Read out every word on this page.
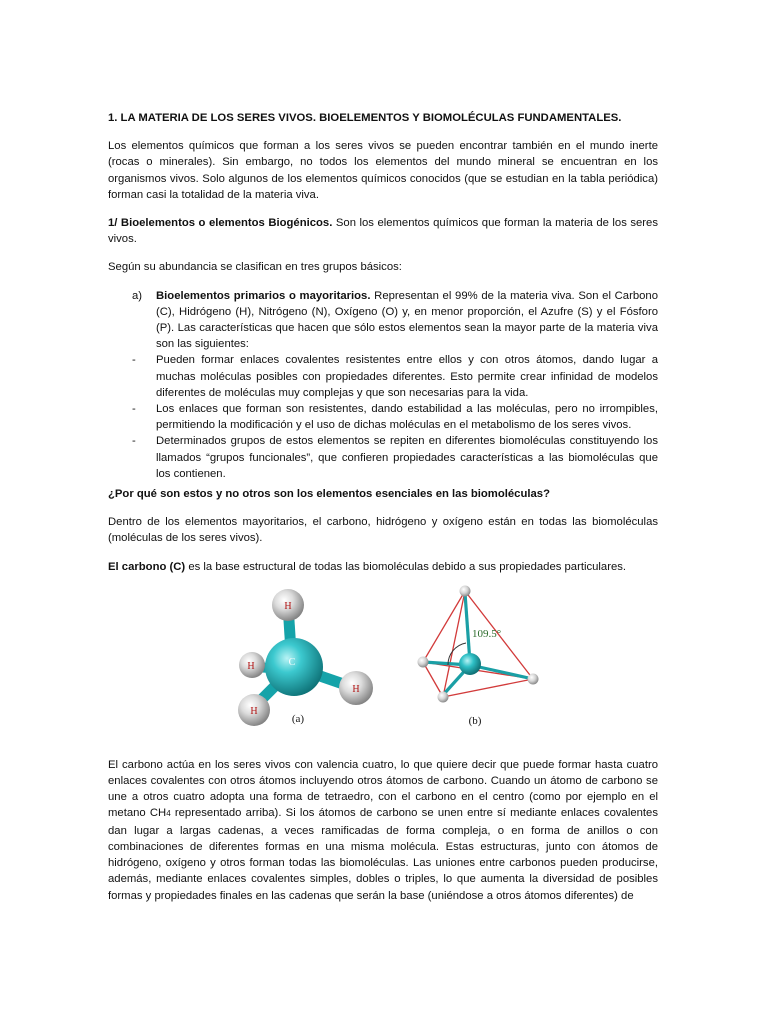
1. LA MATERIA DE LOS SERES VIVOS. BIOELEMENTOS Y BIOMOLÉCULAS FUNDAMENTALES.

Los elementos químicos que forman a los seres vivos se pueden encontrar también en el mundo inerte (rocas o minerales). Sin embargo, no todos los elementos del mundo mineral se encuentran en los organismos vivos. Solo algunos de los elementos químicos conocidos (que se estudian en la tabla periódica) forman casi la totalidad de la materia viva.

1/ Bioelementos o elementos Biogénicos. Son los elementos químicos que forman la materia de los seres vivos.

Según su abundancia se clasifican en tres grupos básicos:

a)	Bioelementos primarios o mayoritarios. Representan el 99% de la materia viva. Son el Carbono (C), Hidrógeno (H), Nitrógeno (N), Oxígeno (O) y, en menor proporción, el Azufre (S) y el Fósforo (P). Las características que hacen que sólo estos elementos sean la mayor parte de la materia viva son las siguientes:
-	Pueden formar enlaces covalentes resistentes entre ellos y con otros átomos, dando lugar a muchas moléculas posibles con propiedades diferentes. Esto permite crear infinidad de modelos diferentes de moléculas muy complejas y que son necesarias para la vida.
-	Los enlaces que forman son resistentes, dando estabilidad a las moléculas, pero no irrompibles, permitiendo la modificación y el uso de dichas moléculas en el metabolismo de los seres vivos.
-	Determinados grupos de estos elementos se repiten en diferentes biomoléculas constituyendo los llamados “grupos funcionales”, que confieren propiedades características a las biomoléculas que los contienen.

¿Por qué son estos y no otros son los elementos esenciales en las biomoléculas?

Dentro de los elementos mayoritarios, el carbono, hidrógeno y oxígeno están en todas las biomoléculas (moléculas de los seres vivos).

El carbono (C) es la base estructural de todas las biomoléculas debido a sus propiedades particulares.

H
H	C
H
H
(a)
109.5°
(b)

El carbono actúa en los seres vivos con valencia cuatro, lo que quiere decir que puede formar hasta cuatro enlaces covalentes con otros átomos incluyendo otros átomos de carbono. Cuando un átomo de carbono se une a otros cuatro adopta una forma de tetraedro, con el carbono en el centro (como por ejemplo en el metano CH4 representado arriba). Si los átomos de carbono se unen entre sí mediante enlaces covalentes dan lugar a largas cadenas, a veces ramificadas de forma compleja, o en forma de anillos o con combinaciones de diferentes formas en una misma molécula. Estas estructuras, junto con átomos de hidrógeno, oxígeno y otros forman todas las biomoléculas. Las uniones entre carbonos pueden producirse, además, mediante enlaces covalentes simples, dobles o triples, lo que aumenta la diversidad de posibles formas y propiedades finales en las cadenas que serán la base (uniéndose a otros átomos diferentes) de
